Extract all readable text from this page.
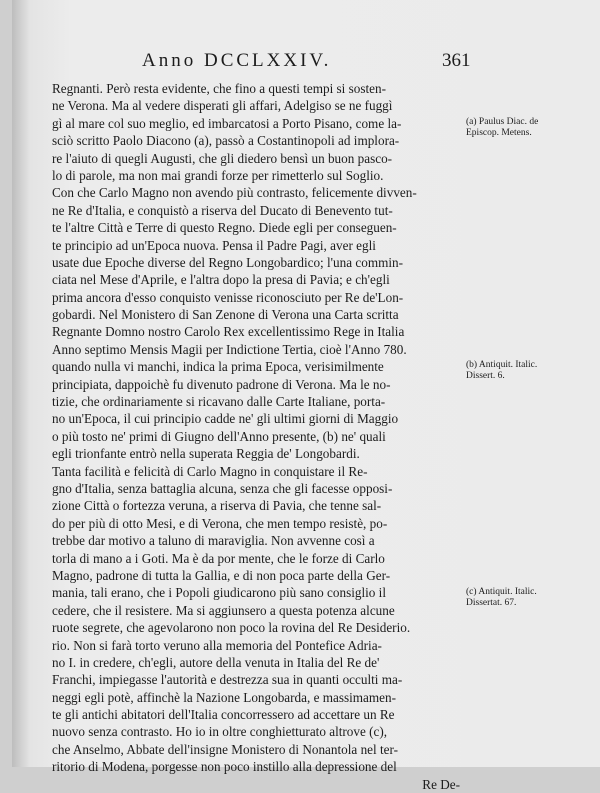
Anno DCCLXXIV.	361
Regnanti. Però resta evidente, che fino a questi tempi si sosten-
ne Verona. Ma al vedere disperati gli affari, Adelgiso se ne fuggì
gì al mare col suo meglio, ed imbarcatosi a Porto Pisano, come la-
sciò scritto Paolo Diacono (a), passò a Costantinopoli ad implora-
re l'aiuto di quegli Augusti, che gli diedero bensì un buon pasco-
lo di parole, ma non mai grandi forze per rimetterlo sul Soglio.
Con che Carlo Magno non avendo più contrasto, felicemente divven-
ne Re d'Italia, e conquistò a riserva del Ducato di Benevento tut-
te l'altre Città e Terre di questo Regno. Diede egli per conseguen-
te principio ad un'Epoca nuova. Pensa il Padre Pagi, aver egli
usate due Epoche diverse del Regno Longobardico; l'una commin-
ciata nel Mese d'Aprile, e l'altra dopo la presa di Pavia; e ch'egli
prima ancora d'esso conquisto venisse riconosciuto per Re de'Lon-
gobardi. Nel Monistero di San Zenone di Verona una Carta scritta
Regnante Domno nostro Carolo Rex excellentissimo Rege in Italia
Anno septimo Mensis Magii per Indictione Tertia, cioè l'Anno 780.
quando nulla vi manchi, indica la prima Epoca, verisimilmente
principiata, dappoichè fu divenuto padrone di Verona. Ma le no-
tizie, che ordinariamente si ricavano dalle Carte Italiane, porta-
no un'Epoca, il cui principio cadde ne' gli ultimi giorni di Maggio
o più tosto ne' primi di Giugno dell'Anno presente, (b) ne' quali
egli trionfante entrò nella superata Reggia de' Longobardi.
Tanta facilità e felicità di Carlo Magno in conquistare il Re-
gno d'Italia, senza battaglia alcuna, senza che gli facesse opposi-
zione Città o fortezza veruna, a riserva di Pavia, che tenne sal-
do per più di otto Mesi, e di Verona, che men tempo resistè, po-
trebbe dar motivo a taluno di maraviglia. Non avvenne così a
torla di mano a i Goti. Ma è da por mente, che le forze di Carlo
Magno, padrone di tutta la Gallia, e di non poca parte della Ger-
mania, tali erano, che i Popoli giudicarono più sano consiglio il
cedere, che il resistere. Ma si aggiunsero a questa potenza alcune
ruote segrete, che agevolarono non poco la rovina del Re Desiderio.
rio. Non si farà torto veruno alla memoria del Pontefice Adria-
no I. in credere, ch'egli, autore della venuta in Italia del Re de'
Franchi, impiegasse l'autorità e destrezza sua in quanti occulti ma-
neggi egli potè, affinchè la Nazione Longobarda, e massimamen-
te gli antichi abitatori dell'Italia concorressero ad accettare un Re
nuovo senza contrasto. Ho io in oltre conghietturato altrove (c),
che Anselmo, Abbate dell'insigne Monistero di Nonantola nel ter-
ritorio di Modena, porgesse non poco instillo alla depressione del
Re De-
(a) Paulus Diac. de Episcop. Metens.
(b) Antiquit. Italic. Dissert. 6.
(c) Antiquit. Italic. Dissertat. 67.
